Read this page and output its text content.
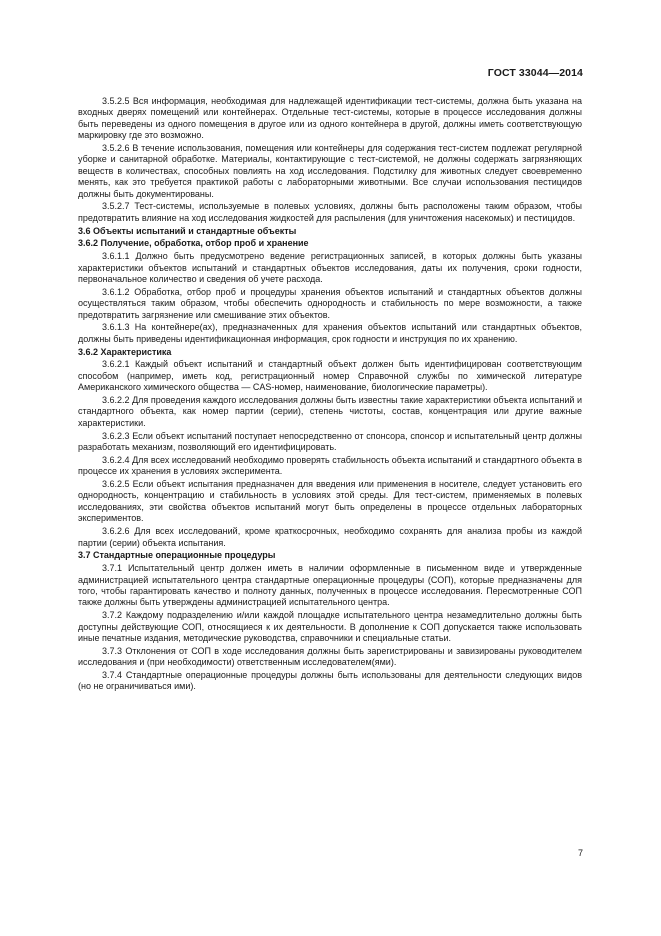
ГОСТ 33044—2014

3.5.2.5 Вся информация, необходимая для надлежащей идентификации тест-системы, должна быть указана на входных дверях помещений или контейнерах. Отдельные тест-системы, которые в процессе исследования должны быть переведены из одного помещения в другое или из одного контейнера в другой, должны иметь соответствующую маркировку где это возможно.

3.5.2.6 В течение использования, помещения или контейнеры для содержания тест-систем подлежат регулярной уборке и санитарной обработке. Материалы, контактирующие с тест-системой, не должны содержать загрязняющих веществ в количествах, способных повлиять на ход исследования. Подстилку для животных следует своевременно менять, как это требуется практикой работы с лабораторными животными. Все случаи использования пестицидов должны быть документированы.

3.5.2.7 Тест-системы, используемые в полевых условиях, должны быть расположены таким образом, чтобы предотвратить влияние на ход исследования жидкостей для распыления (для уничтожения насекомых) и пестицидов.

3.6 Объекты испытаний и стандартные объекты
3.6.2 Получение, обработка, отбор проб и хранение

3.6.1.1 Должно быть предусмотрено ведение регистрационных записей, в которых должны быть указаны характеристики объектов испытаний и стандартных объектов исследования, даты их получения, сроки годности, первоначальное количество и сведения об учете расхода.

3.6.1.2 Обработка, отбор проб и процедуры хранения объектов испытаний и стандартных объектов должны осуществляться таким образом, чтобы обеспечить однородность и стабильность по мере возможности, а также предотвратить загрязнение или смешивание этих объектов.

3.6.1.3 На контейнере(ах), предназначенных для хранения объектов испытаний или стандартных объектов, должны быть приведены идентификационная информация, срок годности и инструкция по их хранению.

3.6.2 Характеристика

3.6.2.1 Каждый объект испытаний и стандартный объект должен быть идентифицирован соответствующим способом (например, иметь код, регистрационный номер Справочной службы по химической литературе Американского химического общества — CAS-номер, наименование, биологические параметры).

3.6.2.2 Для проведения каждого исследования должны быть известны такие характеристики объекта испытаний и стандартного объекта, как номер партии (серии), степень чистоты, состав, концентрация или другие важные характеристики.

3.6.2.3 Если объект испытаний поступает непосредственно от спонсора, спонсор и испытательный центр должны разработать механизм, позволяющий его идентифицировать.

3.6.2.4 Для всех исследований необходимо проверять стабильность объекта испытаний и стандартного объекта в процессе их хранения в условиях эксперимента.

3.6.2.5 Если объект испытания предназначен для введения или применения в носителе, следует установить его однородность, концентрацию и стабильность в условиях этой среды. Для тест-систем, применяемых в полевых исследованиях, эти свойства объектов испытаний могут быть определены в процессе отдельных лабораторных экспериментов.

3.6.2.6 Для всех исследований, кроме краткосрочных, необходимо сохранять для анализа пробы из каждой партии (серии) объекта испытания.

3.7 Стандартные операционные процедуры

3.7.1 Испытательный центр должен иметь в наличии оформленные в письменном виде и утвержденные администрацией испытательного центра стандартные операционные процедуры (СОП), которые предназначены для того, чтобы гарантировать качество и полноту данных, полученных в процессе исследования. Пересмотренные СОП также должны быть утверждены администрацией испытательного центра.

3.7.2 Каждому подразделению и/или каждой площадке испытательного центра незамедлительно должны быть доступны действующие СОП, относящиеся к их деятельности. В дополнение к СОП допускается также использовать иные печатные издания, методические руководства, справочники и специальные статьи.

3.7.3 Отклонения от СОП в ходе исследования должны быть зарегистрированы и завизированы руководителем исследования и (при необходимости) ответственным исследователем(ями).

3.7.4 Стандартные операционные процедуры должны быть использованы для деятельности следующих видов (но не ограничиваться ими).

7
